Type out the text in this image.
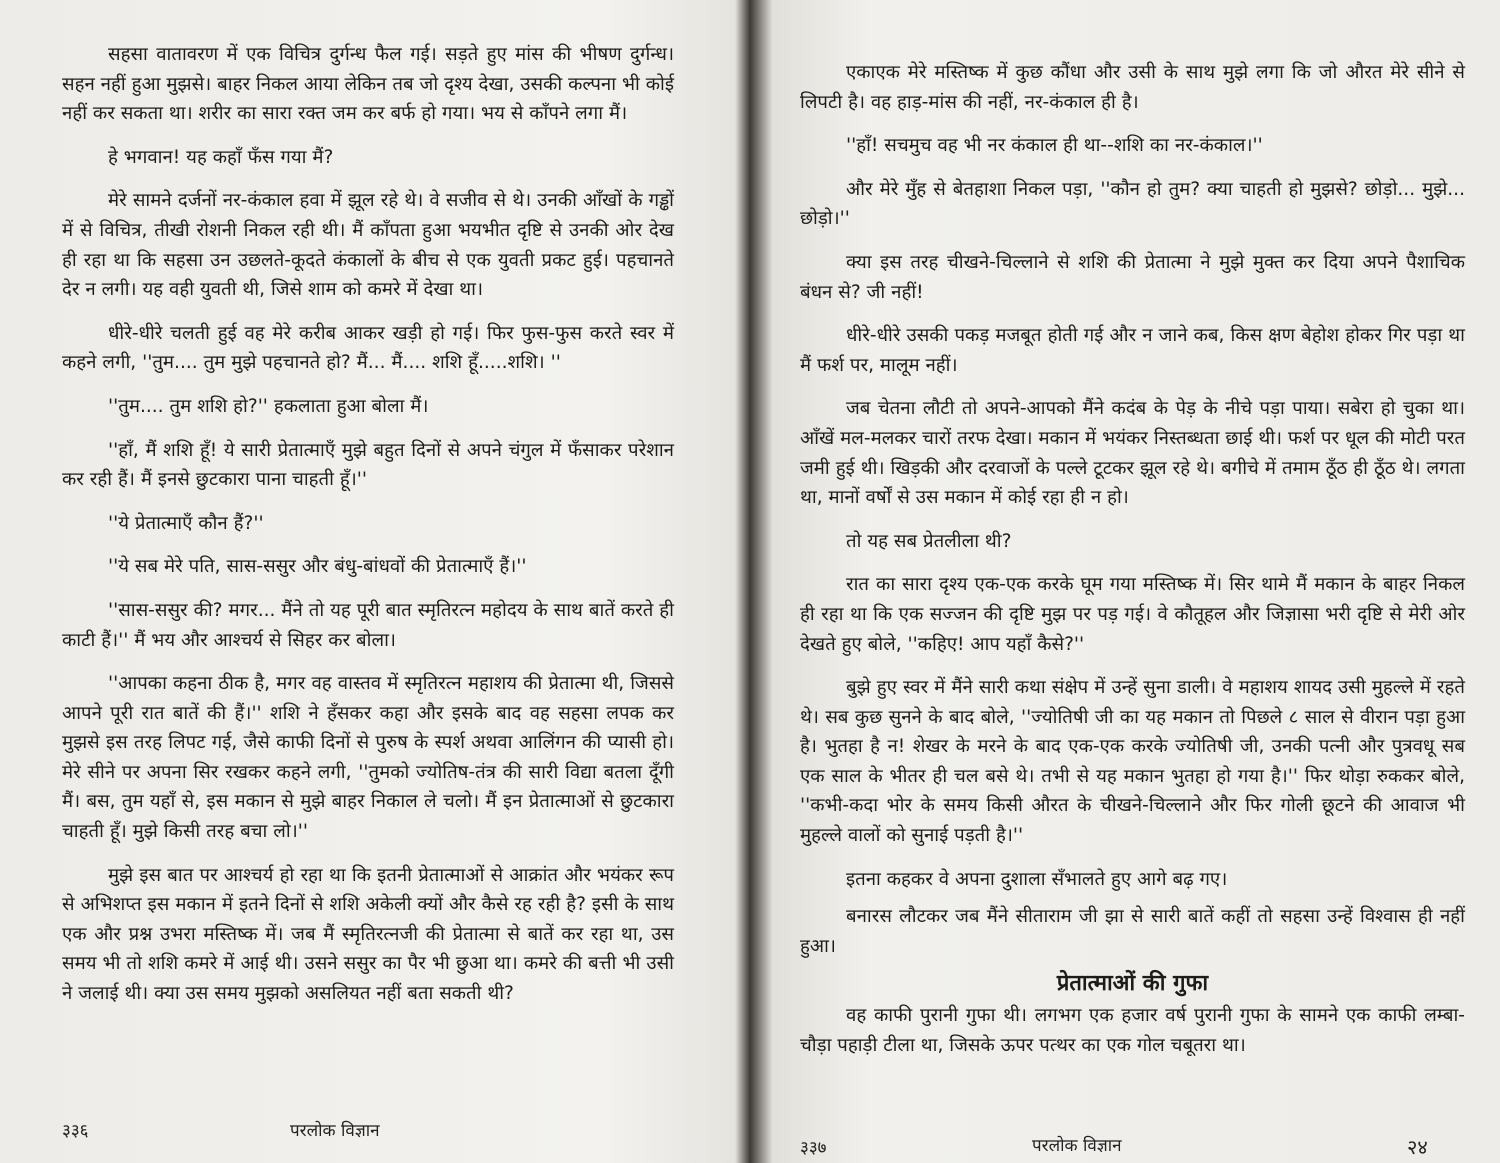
सहसा वातावरण में एक विचित्र दुर्गन्ध फैल गई। सड़ते हुए मांस की भीषण दुर्गन्ध। सहन नहीं हुआ मुझसे। बाहर निकल आया लेकिन तब जो दृश्य देखा, उसकी कल्पना भी कोई नहीं कर सकता था। शरीर का सारा रक्त जम कर बर्फ हो गया। भय से काँपने लगा मैं।

हे भगवान! यह कहाँ फँस गया मैं?

मेरे सामने दर्जनों नर-कंकाल हवा में झूल रहे थे। वे सजीव से थे। उनकी आँखों के गड्ढों में से विचित्र, तीखी रोशनी निकल रही थी। मैं काँपता हुआ भयभीत दृष्टि से उनकी ओर देख ही रहा था कि सहसा उन उछलते-कूदते कंकालों के बीच से एक युवती प्रकट हुई। पहचानते देर न लगी। यह वही युवती थी, जिसे शाम को कमरे में देखा था।

धीरे-धीरे चलती हुई वह मेरे करीब आकर खड़ी हो गई। फिर फुस-फुस करते स्वर में कहने लगी, ''तुम.... तुम मुझे पहचानते हो? मैं... मैं.... शशि हूँ.....शशि। ''

''तुम.... तुम शशि हो?'' हकलाता हुआ बोला मैं।

''हाँ, मैं शशि हूँ! ये सारी प्रेतात्माएँ मुझे बहुत दिनों से अपने चंगुल में फँसाकर परेशान कर रही हैं। मैं इनसे छुटकारा पाना चाहती हूँ।''

''ये प्रेतात्माएँ कौन हैं?''

''ये सब मेरे पति, सास-ससुर और बंधु-बांधवों की प्रेतात्माएँ हैं।''

''सास-ससुर की? मगर... मैंने तो यह पूरी बात स्मृतिरत्न महोदय के साथ बातें करते ही काटी हैं।'' मैं भय और आश्चर्य से सिहर कर बोला।

''आपका कहना ठीक है, मगर वह वास्तव में स्मृतिरत्न महाशय की प्रेतात्मा थी, जिससे आपने पूरी रात बातें की हैं।'' शशि ने हँसकर कहा और इसके बाद वह सहसा लपक कर मुझसे इस तरह लिपट गई, जैसे काफी दिनों से पुरुष के स्पर्श अथवा आलिंगन की प्यासी हो। मेरे सीने पर अपना सिर रखकर कहने लगी, ''तुमको ज्योतिष-तंत्र की सारी विद्या बतला दूँगी मैं। बस, तुम यहाँ से, इस मकान से मुझे बाहर निकाल ले चलो। मैं इन प्रेतात्माओं से छुटकारा चाहती हूँ। मुझे किसी तरह बचा लो।''

मुझे इस बात पर आश्चर्य हो रहा था कि इतनी प्रेतात्माओं से आक्रांत और भयंकर रूप से अभिशप्त इस मकान में इतने दिनों से शशि अकेली क्यों और कैसे रह रही है? इसी के साथ एक और प्रश्न उभरा मस्तिष्क में। जब मैं स्मृतिरत्नजी की प्रेतात्मा से बातें कर रहा था, उस समय भी तो शशि कमरे में आई थी। उसने ससुर का पैर भी छुआ था। कमरे की बत्ती भी उसी ने जलाई थी। क्या उस समय मुझको असलियत नहीं बता सकती थी?

३३६	परलोक विज्ञान

एकाएक मेरे मस्तिष्क में कुछ कौंधा और उसी के साथ मुझे लगा कि जो औरत मेरे सीने से लिपटी है। वह हाड़-मांस की नहीं, नर-कंकाल ही है।

''हाँ! सचमुच वह भी नर कंकाल ही था--शशि का नर-कंकाल।''

और मेरे मुँह से बेतहाशा निकल पड़ा, ''कौन हो तुम? क्या चाहती हो मुझसे? छोड़ो... मुझे... छोड़ो।''

क्या इस तरह चीखने-चिल्लाने से शशि की प्रेतात्मा ने मुझे मुक्त कर दिया अपने पैशाचिक बंधन से? जी नहीं!

धीरे-धीरे उसकी पकड़ मजबूत होती गई और न जाने कब, किस क्षण बेहोश होकर गिर पड़ा था मैं फर्श पर, मालूम नहीं।

जब चेतना लौटी तो अपने-आपको मैंने कदंब के पेड़ के नीचे पड़ा पाया। सबेरा हो चुका था। आँखें मल-मलकर चारों तरफ देखा। मकान में भयंकर निस्तब्धता छाई थी। फर्श पर धूल की मोटी परत जमी हुई थी। खिड़की और दरवाजों के पल्ले टूटकर झूल रहे थे। बगीचे में तमाम ठूँठ ही ठूँठ थे। लगता था, मानों वर्षों से उस मकान में कोई रहा ही न हो।

तो यह सब प्रेतलीला थी?

रात का सारा दृश्य एक-एक करके घूम गया मस्तिष्क में। सिर थामे मैं मकान के बाहर निकल ही रहा था कि एक सज्जन की दृष्टि मुझ पर पड़ गई। वे कौतूहल और जिज्ञासा भरी दृष्टि से मेरी ओर देखते हुए बोले, ''कहिए! आप यहाँ कैसे?''

बुझे हुए स्वर में मैंने सारी कथा संक्षेप में उन्हें सुना डाली। वे महाशय शायद उसी मुहल्ले में रहते थे। सब कुछ सुनने के बाद बोले, ''ज्योतिषी जी का यह मकान तो पिछले ८ साल से वीरान पड़ा हुआ है। भुतहा है न! शेखर के मरने के बाद एक-एक करके ज्योतिषी जी, उनकी पत्नी और पुत्रवधू सब एक साल के भीतर ही चल बसे थे। तभी से यह मकान भुतहा हो गया है।'' फिर थोड़ा रुककर बोले, ''कभी-कदा भोर के समय किसी औरत के चीखने-चिल्लाने और फिर गोली छूटने की आवाज भी मुहल्ले वालों को सुनाई पड़ती है।''

इतना कहकर वे अपना दुशाला सँभालते हुए आगे बढ़ गए।

बनारस लौटकर जब मैंने सीताराम जी झा से सारी बातें कहीं तो सहसा उन्हें विश्वास ही नहीं हुआ।

प्रेतात्माओं की गुफा

वह काफी पुरानी गुफा थी। लगभग एक हजार वर्ष पुरानी गुफा के सामने एक काफी लम्बा-चौड़ा पहाड़ी टीला था, जिसके ऊपर पत्थर का एक गोल चबूतरा था।

३३७	परलोक विज्ञान	२४
